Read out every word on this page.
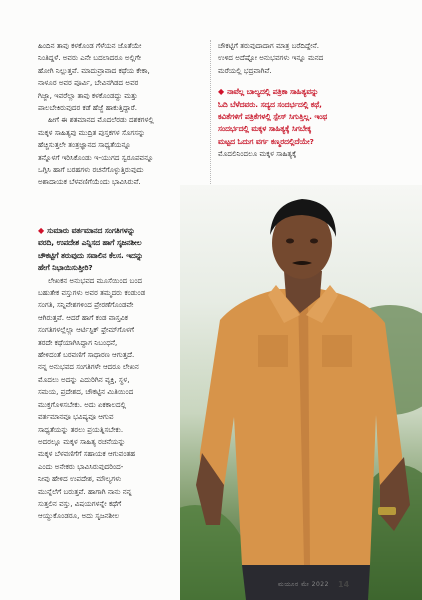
ಹಿಂದಿನ ತಾವು ಕಳಕೊಂಡ ಗೆಳೆಯನ ಜೊತೆಯೇ

ನಿಂತಿದ್ದಳೆ. ಅವರು ಎನೇ ಬದಲಾದರೂ ಅಲ್ಲಿಗೇ

ಹೋಗಿ ನಿಲ್ಲುತ್ತವೆ. ಮಾದುವ್ರಾವಾದ ಕಥೆಯ ಕೇಕಾ,

ನಾಳೂರ ಅವರ ಪೂರ್ವಿ, ಬೇವಿನಗಿಡದ ಅವರ

ಗಿಜ್ಜಾ, ಇವರೆಲ್ಲಾ ತಾವು ಕಳಕೊಂಡದ್ದು ಮತ್ತು

ಪಾಲಬೇಕಿರುವುದರ ಕಡೆ ಹೆಜ್ಜೆ ಹಾಕುತ್ತಿದ್ದಾರೆ.

ಹೀಗೆ ಈ ಶತಮಾನದ ಮೊದಲೆರಡು ದಶಕಗಳಲ್ಲಿ

ಮಕ್ಕಳ ಸಾಹಿತ್ಯವು ಮುದ್ರಿತ ಪುಸ್ತಕಗಳ ಸೊಗಸನ್ನು

ಹೆಚ್ಚಿಸುತ್ತಲೇ ತಂತ್ರಜ್ಞಾನದ ಸಾಧ್ಯತೆಯನ್ನೂ

ತನ್ನೊಳಗೆ ಇರಿಸಿಕೊಂಡು ಇ-ಯುಗದ ಸ್ವರೂಪವನ್ನೂ

ಒಗ್ಗಿಸಿ ಹಾಗೆ ಬರಹಗಳು ರಚನೆಗೊಳ್ಳುತ್ತಿರುವುದು

ಅಶಾದಾಯಕ ಬೆಳವಣಿಗೆಯೆಂದು ಭಾವಿಸಿರುವೆ.

ಚೌಕಟ್ಟಿಗೆ ತರುವುದಾದಾಗ ಮಾತ್ರ ಬರೆದಿದ್ದೇನೆ.

ಉಳಿದ ಅದೆಷ್ಟೋ ಅನುಭವಗಳು ಇನ್ನೂ ಮನದ

ಮರೆಯಲ್ಲಿ ಭದ್ರವಾಗಿವೆ.

◆ ನಾವೆಲ್ಲ ಬಾಲ್ಯದಲ್ಲಿ ಪತ್ರಿಕಾ ಸಾಹಿತ್ಯವನ್ನು

ಓದಿ ಬೆಳೆದವರು. ಸದ್ಯದ ಸಂದರ್ಭದಲ್ಲಿ ಕಥೆ,

ಕವಿತೆಗಳಿಗೆ ಪತ್ರಿಕೆಗಳಲ್ಲಿ ಸ್ಪೇಸ್ ಸಿಗುತ್ತಿಲ್ಲ. ಇಂಥ

ಸಂದರ್ಭದಲ್ಲಿ ಮಕ್ಕಳ ಸಾಹಿತ್ಯಕ್ಕೆ ಸಿಗಬೇಕ್ಕ

ಮಟ್ಟದ ಓದುಗ ವರ್ಗ ಕಣ್ಮರದಲ್ಲಿದೆಯೇ?

ಮೊದಲಿನಿಂದಲೂ ಮಕ್ಕಳ ಸಾಹಿತ್ಯಕ್ಕೆ

◆ ಸುಮಾರು ವರ್ತಮಾನದ ಸಂಗತಿಗಳನ್ನು

ವರದಿ, ಉಪದೇಶ ಎನ್ನಿಸದ ಹಾಗೆ ಸೃಜನಶೀಲ

ಚೌಕಟ್ಟಿಗೆ ತರುವುದು ಸವಾಲಿನ ಕೆಲಸ. ಇದನ್ನು

ಹೇಗೆ ನಿಭಾಯಿಸುತ್ತೀರಿ?

ಲೇಖಕನ ಅನುಭವದ ಮೂಸೆಯಿಂದ ಬಂದ

ಬಹುತೇಕ ವಸ್ತುಗಳು ಅವರ ತಮ್ಮದರು ಕಂಡುಂಡ

ಸಂಗತಿ, ಸನ್ನಿವೇಶಗಳಿಂದ ಪ್ರೇರಣೆಗೊಂಡವೇ

ಆಗಿರುತ್ತವೆ. ಆದರೆ ಹಾಗೆ ಕಂಡ ವಾಸ್ತವಿಕ

ಸಂಗತಿಗಳಲ್ಲೆಲ್ಲಾ ಆರ್ಟಿಸ್ಟಿಕ್ ಫ್ರೇಮ್‌ಗೊಳಗೆ

ತರದೇ ಕಥೆಯಾಗಿಸಿದ್ದಾಗ ನಿಬಂಧನೆ,

ಹೇಳಿದಂತೆ ಬರವಣಿಗೆ ಸಾಧಾರಣ ಆಗುತ್ತದೆ.

ನನ್ನ ಅನುಭವದ ಸಂಗತಿಗಳೇ ಆದರೂ ಲೇಖನ

ಮೊದಲು ಅದನ್ನು ಎದುರಿಗಿನ ವ್ಯಕ್ತಿ, ಸ್ಥಳ,

ಸಮಯ, ಪ್ರದೇಶದ, ಚೌಕಟ್ಟಿನ ಮಿತಿಯಿಂದ

ಮುಕ್ತಗೊಳಿಸಬೇಕು. ಅದು ಏಕಕಾಲದಲ್ಲಿ

ವರ್ತಮಾನವೂ ಭವಿಷ್ಯವೂ ಆಗುವ

ಸಾಧ್ಯತೆಯನ್ನು ತರಲು ಪ್ರಯತ್ನಿಸಬೇಕು.

ಅದರಲ್ಲೂ ಮಕ್ಕಳ ಸಾಹಿತ್ಯ ರಚನೆಯನ್ನು

ಮಕ್ಕಳ ಬೆಳವಣಿಗೆಗೆ ಸಹಾಯಕ ಆಗುವಂತಹ

ಎಂದು ಅನೇಕರು ಭಾವಿಸಿರುವುದರಿಂದ-

ನೀವು ಹೇಳಿದ ಉಪದೇಶ, ಮೌಲ್ಯಗಳು

ಮುನ್ನೆಲೆಗೆ ಬರುತ್ತವೆ. ಹಾಗಾಗಿ ನಾನು ನನ್ನ

ಸುತ್ತಲಿನ ವಸ್ತು, ವಿಷಯಗಳನ್ನೇ ಕಥೆಗೆ

ಆಯ್ದುಕೊಂಡರೂ, ಅದು ಸೃಜನಶೀಲ

ಮಯೂರ ಮೇ 2022 14
